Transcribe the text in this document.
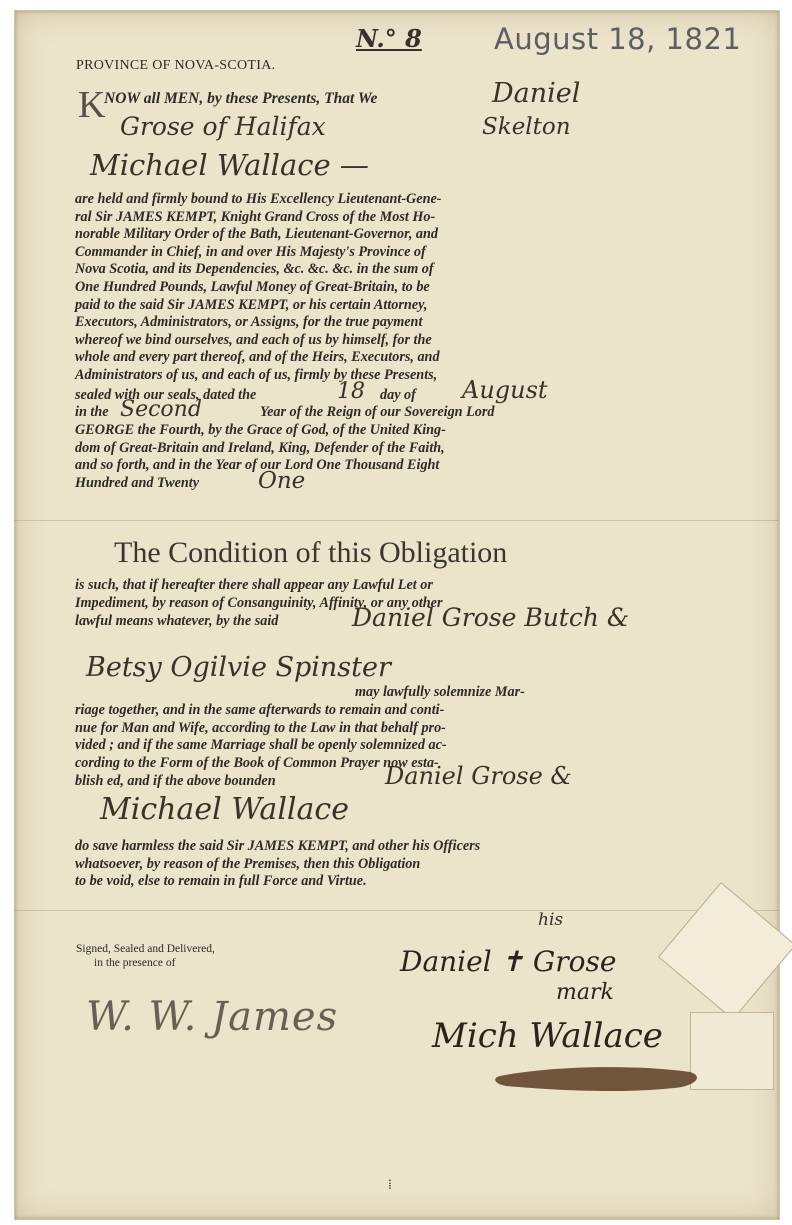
N.° 8 August 18, 1821
PROVINCE OF NOVA-SCOTIA.
K
NOW all MEN, by these Presents, That We	Daniel
Grose of Halifax	Skelton
Michael Wallace —
are held and firmly bound to His Excellency Lieutenant-Gene-
ral Sir JAMES KEMPT, Knight Grand Cross of the Most Ho-
norable Military Order of the Bath, Lieutenant-Governor, and
Commander in Chief, in and over His Majesty's Province of
Nova Scotia, and its Dependencies, &c. &c. &c. in the sum of
One Hundred Pounds, Lawful Money of Great-Britain, to be
paid to the said Sir JAMES KEMPT, or his certain Attorney,
Executors, Administrators, or Assigns, for the true payment
whereof we bind ourselves, and each of us by himself, for the
whole and every part thereof, and of the Heirs, Executors, and
Administrators of us, and each of us, firmly by these Presents,
sealed with our seals, dated the	18 day of August
in the Second	Year of the Reign of our Sovereign Lord
GEORGE the Fourth, by the Grace of God, of the United King-
dom of Great-Britain and Ireland, King, Defender of the Faith,
and so forth, and in the Year of our Lord One Thousand Eight
Hundred and Twenty	One
The Condition of this Obligation
is such, that if hereafter there shall appear any Lawful Let or
Impediment, by reason of Consanguinity, Affinity, or any other
lawful means whatever, by the said	Daniel Grose Butch &
Betsy Ogilvie Spinster
may lawfully solemnize Mar-
riage together, and in the same afterwards to remain and conti-
nue for Man and Wife, according to the Law in that behalf pro-
vided ; and if the same Marriage shall be openly solemnized ac-
cording to the Form of the Book of Common Prayer now esta-
blish ed, and if the above bounden	Daniel Grose &
Michael Wallace
do save harmless the said Sir JAMES KEMPT, and other his Officers
whatsoever, by reason of the Premises, then this Obligation
to be void, else to remain in full Force and Virtue.
Signed, Sealed and Delivered,
in the presence of
W. W. James
his
Daniel ✝ Grose
mark
Mich Wallace
⁞
